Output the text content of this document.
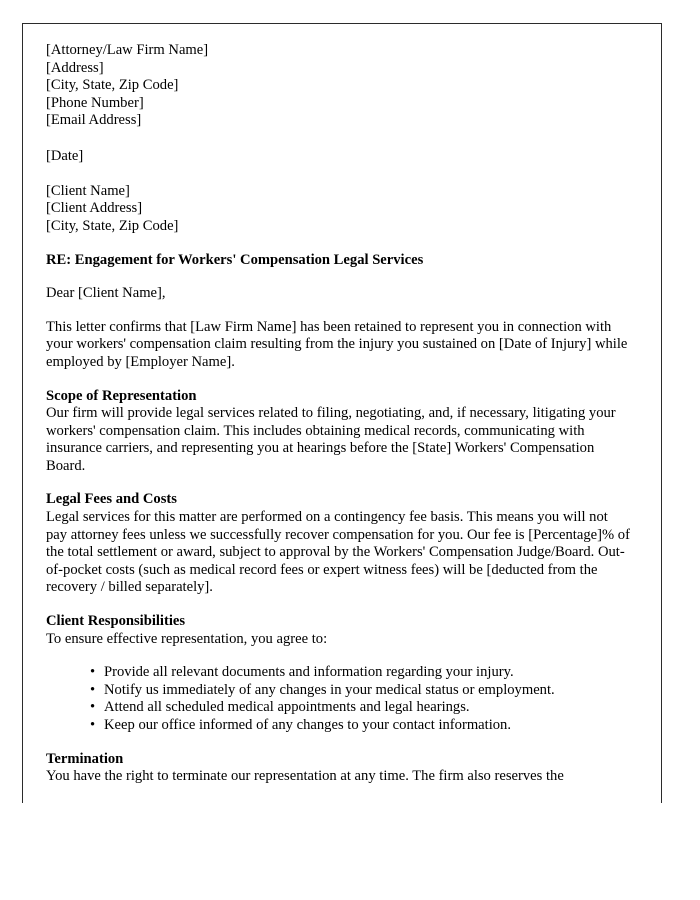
[Attorney/Law Firm Name]
[Address]
[City, State, Zip Code]
[Phone Number]
[Email Address]
[Date]
[Client Name]
[Client Address]
[City, State, Zip Code]
RE: Engagement for Workers' Compensation Legal Services
Dear [Client Name],

This letter confirms that [Law Firm Name] has been retained to represent you in connection with your workers' compensation claim resulting from the injury you sustained on [Date of Injury] while employed by [Employer Name].

Scope of Representation

Our firm will provide legal services related to filing, negotiating, and, if necessary, litigating your workers' compensation claim. This includes obtaining medical records, communicating with insurance carriers, and representing you at hearings before the [State] Workers' Compensation Board.

Legal Fees and Costs

Legal services for this matter are performed on a contingency fee basis. This means you will not pay attorney fees unless we successfully recover compensation for you. Our fee is [Percentage]% of the total settlement or award, subject to approval by the Workers' Compensation Judge/Board. Out-of-pocket costs (such as medical record fees or expert witness fees) will be [deducted from the recovery / billed separately].

Client Responsibilities

To ensure effective representation, you agree to:

• Provide all relevant documents and information regarding your injury.
• Notify us immediately of any changes in your medical status or employment.
• Attend all scheduled medical appointments and legal hearings.
• Keep our office informed of any changes to your contact information.
Termination

You have the right to terminate our representation at any time. The firm also reserves the
